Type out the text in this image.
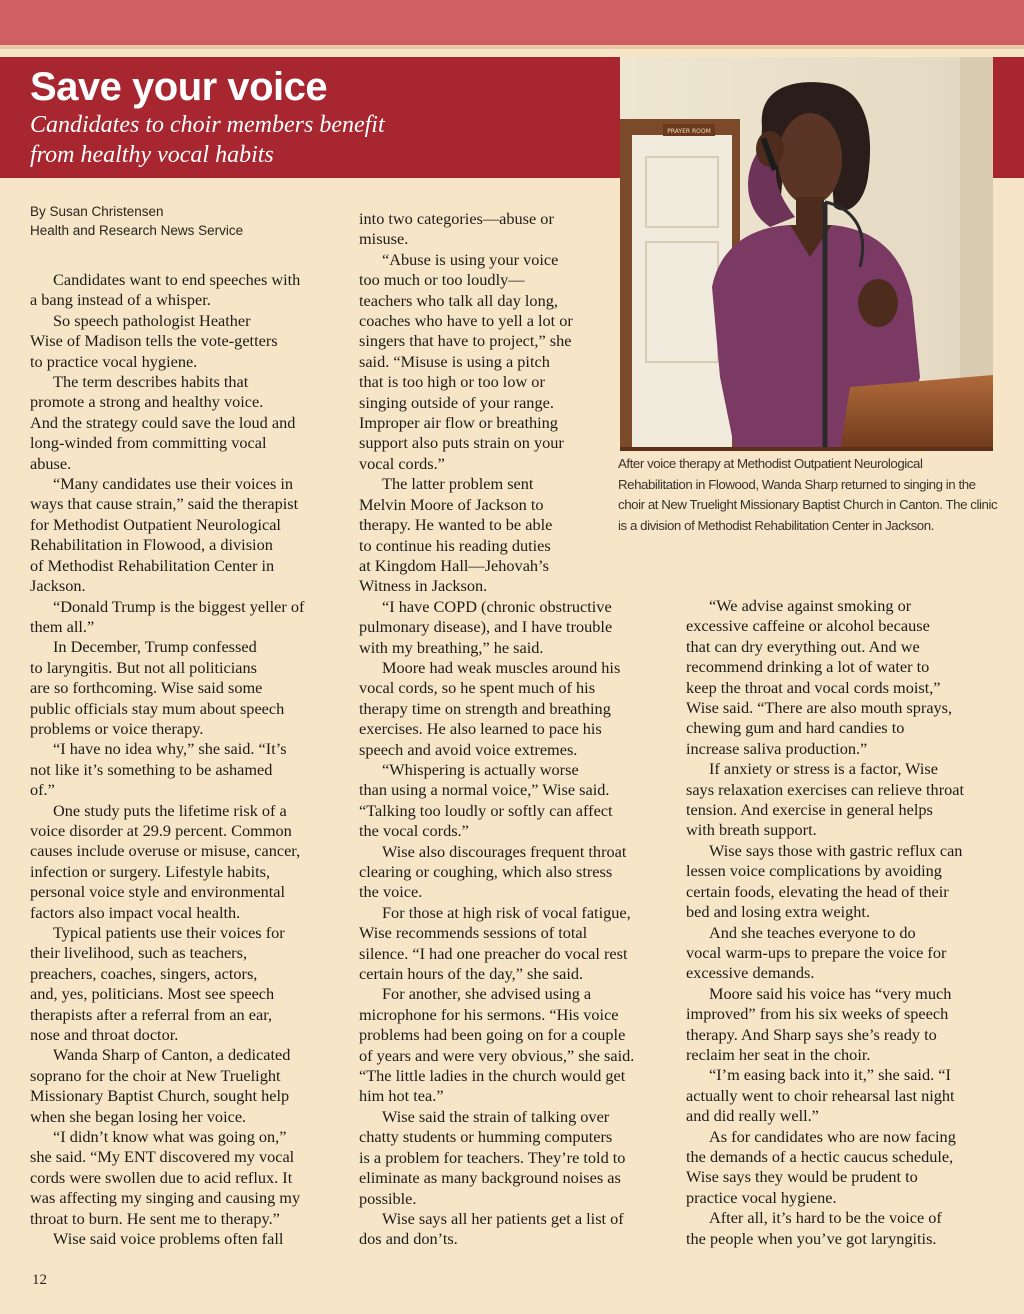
Save your voice
Candidates to choir members benefit
from healthy vocal habits
By Susan Christensen
Health and Research News Service
PRAYER ROOM
After voice therapy at Methodist Outpatient Neurological
Rehabilitation in Flowood, Wanda Sharp returned to singing in the
choir at New Truelight Missionary Baptist Church in Canton. The clinic
is a division of Methodist Rehabilitation Center in Jackson.

Candidates want to end speeches with

a bang instead of a whisper.

So speech pathologist Heather

Wise of Madison tells the vote-getters

to practice vocal hygiene.

The term describes habits that

promote a strong and healthy voice.

And the strategy could save the loud and

long-winded from committing vocal

abuse.

“Many candidates use their voices in

ways that cause strain,” said the therapist

for Methodist Outpatient Neurological

Rehabilitation in Flowood, a division

of Methodist Rehabilitation Center in

Jackson.

“Donald Trump is the biggest yeller of

them all.”

In December, Trump confessed

to laryngitis. But not all politicians

are so forthcoming. Wise said some

public officials stay mum about speech

problems or voice therapy.

“I have no idea why,” she said. “It’s

not like it’s something to be ashamed

of.”

One study puts the lifetime risk of a

voice disorder at 29.9 percent. Common

causes include overuse or misuse, cancer,

infection or surgery. Lifestyle habits,

personal voice style and environmental

factors also impact vocal health.

Typical patients use their voices for

their livelihood, such as teachers,

preachers, coaches, singers, actors,

and, yes, politicians. Most see speech

therapists after a referral from an ear,

nose and throat doctor.

Wanda Sharp of Canton, a dedicated

soprano for the choir at New Truelight

Missionary Baptist Church, sought help

when she began losing her voice.

“I didn’t know what was going on,”

she said. “My ENT discovered my vocal

cords were swollen due to acid reflux. It

was affecting my singing and causing my

throat to burn. He sent me to therapy.”

Wise said voice problems often fall

into two categories—abuse or

misuse.

“Abuse is using your voice

too much or too loudly—

teachers who talk all day long,

coaches who have to yell a lot or

singers that have to project,” she

said. “Misuse is using a pitch

that is too high or too low or

singing outside of your range.

Improper air flow or breathing

support also puts strain on your

vocal cords.”

The latter problem sent

Melvin Moore of Jackson to

therapy. He wanted to be able

to continue his reading duties

at Kingdom Hall—Jehovah’s

Witness in Jackson.

“I have COPD (chronic obstructive

pulmonary disease), and I have trouble

with my breathing,” he said.

Moore had weak muscles around his

vocal cords, so he spent much of his

therapy time on strength and breathing

exercises. He also learned to pace his

speech and avoid voice extremes.

“Whispering is actually worse

than using a normal voice,” Wise said.

“Talking too loudly or softly can affect

the vocal cords.”

Wise also discourages frequent throat

clearing or coughing, which also stress

the voice.

For those at high risk of vocal fatigue,

Wise recommends sessions of total

silence. “I had one preacher do vocal rest

certain hours of the day,” she said.

For another, she advised using a

microphone for his sermons. “His voice

problems had been going on for a couple

of years and were very obvious,” she said.

“The little ladies in the church would get

him hot tea.”

Wise said the strain of talking over

chatty students or humming computers

is a problem for teachers. They’re told to

eliminate as many background noises as

possible.

Wise says all her patients get a list of

dos and don’ts.

“We advise against smoking or

excessive caffeine or alcohol because

that can dry everything out. And we

recommend drinking a lot of water to

keep the throat and vocal cords moist,”

Wise said. “There are also mouth sprays,

chewing gum and hard candies to

increase saliva production.”

If anxiety or stress is a factor, Wise

says relaxation exercises can relieve throat

tension. And exercise in general helps

with breath support.

Wise says those with gastric reflux can

lessen voice complications by avoiding

certain foods, elevating the head of their

bed and losing extra weight.

And she teaches everyone to do

vocal warm-ups to prepare the voice for

excessive demands.

Moore said his voice has “very much

improved” from his six weeks of speech

therapy. And Sharp says she’s ready to

reclaim her seat in the choir.

“I’m easing back into it,” she said. “I

actually went to choir rehearsal last night

and did really well.”

As for candidates who are now facing

the demands of a hectic caucus schedule,

Wise says they would be prudent to

practice vocal hygiene.

After all, it’s hard to be the voice of

the people when you’ve got laryngitis.

12
